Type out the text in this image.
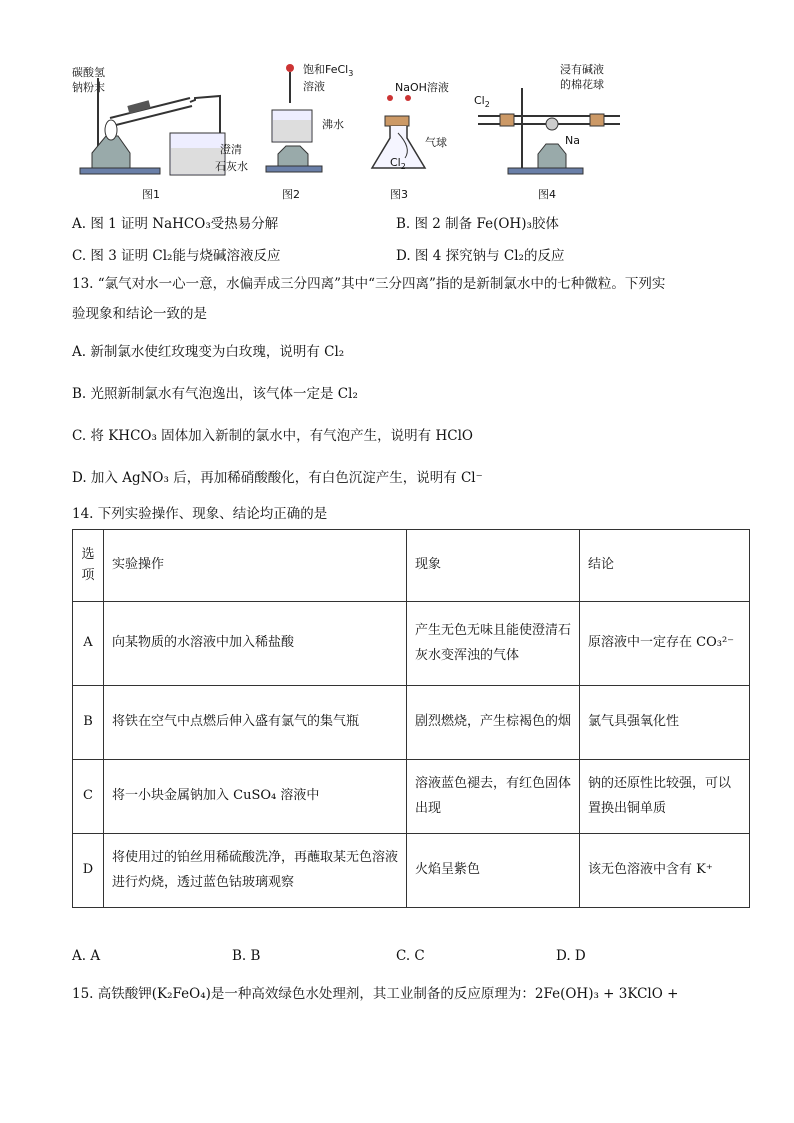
碳酸氢
钠粉末
澄清
石灰水
图1
饱和FeCl$_3$
溶液
沸水
图2
NaOH溶液
气球
$Cl_2$
图3
$Cl_2$
浸有碱液
的棉花球
Na
图4
A. 图 1 证明 NaHCO₃受热易分解	B. 图 2 制备 Fe(OH)₃胶体
C. 图 3 证明 Cl₂能与烧碱溶液反应	D. 图 4 探究钠与 Cl₂的反应
13. “氯气对水一心一意，水偏弄成三分四离”其中“三分四离”指的是新制氯水中的七种微粒。下列实
验现象和结论一致的是
A. 新制氯水使红玫瑰变为白玫瑰，说明有 Cl₂
B. 光照新制氯水有气泡逸出，该气体一定是 Cl₂
C. 将 KHCO₃ 固体加入新制的氯水中，有气泡产生，说明有 HClO
D. 加入 AgNO₃ 后，再加稀硝酸酸化，有白色沉淀产生，说明有 Cl⁻
14. 下列实验操作、现象、结论均正确的是
选项	实验操作	现象	结论
A	向某物质的水溶液中加入稀盐酸	产生无色无味且能使澄清石灰水变浑浊的气体	原溶液中一定存在 CO₃²⁻
B	将铁在空气中点燃后伸入盛有氯气的集气瓶	剧烈燃烧，产生棕褐色的烟	氯气具强氧化性
C	将一小块金属钠加入 CuSO₄ 溶液中	溶液蓝色褪去，有红色固体出现	钠的还原性比较强，可以置换出铜单质
D	将使用过的铂丝用稀硫酸洗净，再蘸取某无色溶液进行灼烧，透过蓝色钴玻璃观察	火焰呈紫色	该无色溶液中含有 K⁺
A. A	B. B	C. C	D. D
15. 高铁酸钾(K₂FeO₄)是一种高效绿色水处理剂，其工业制备的反应原理为：2Fe(OH)₃ + 3KClO +
